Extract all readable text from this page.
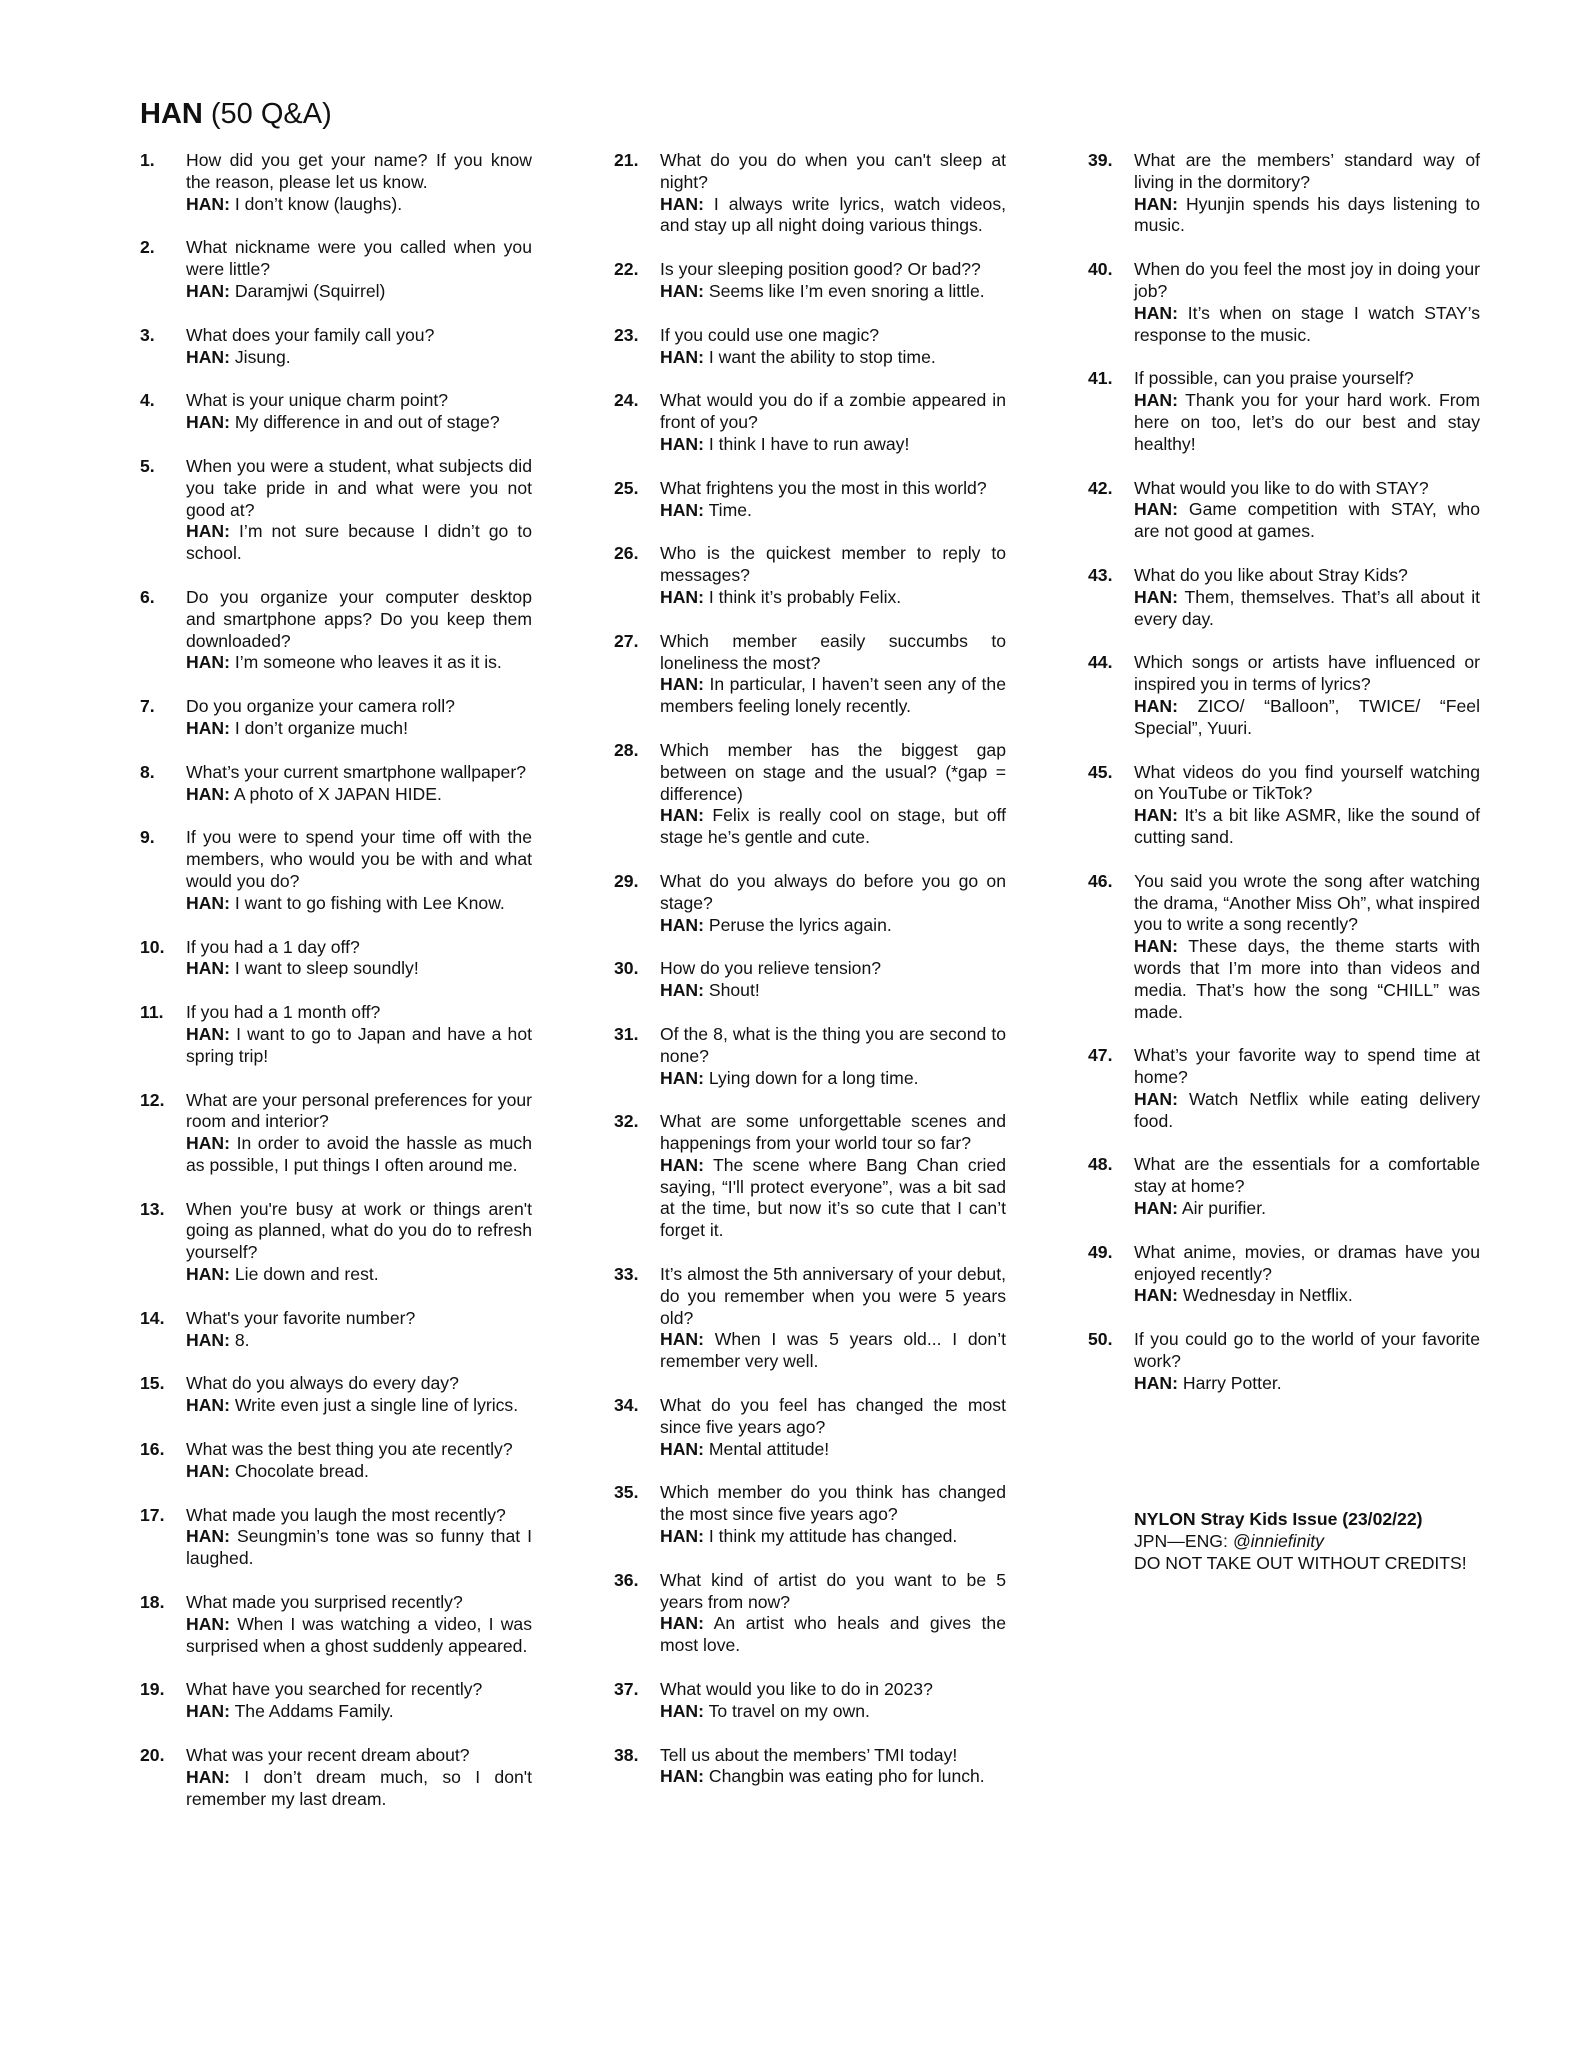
HAN (50 Q&A)
1. How did you get your name? If you know the reason, please let us know.
HAN: I don’t know (laughs).
2. What nickname were you called when you were little?
HAN: Daramjwi (Squirrel)
3. What does your family call you?
HAN: Jisung.
4. What is your unique charm point?
HAN: My difference in and out of stage?
5. When you were a student, what subjects did you take pride in and what were you not good at?
HAN: I’m not sure because I didn’t go to school.
6. Do you organize your computer desktop and smartphone apps? Do you keep them downloaded?
HAN: I’m someone who leaves it as it is.
7. Do you organize your camera roll?
HAN: I don’t organize much!
8. What’s your current smartphone wallpaper?
HAN: A photo of X JAPAN HIDE.
9. If you were to spend your time off with the members, who would you be with and what would you do?
HAN: I want to go fishing with Lee Know.
10. If you had a 1 day off?
HAN: I want to sleep soundly!
11. If you had a 1 month off?
HAN: I want to go to Japan and have a hot spring trip!
12. What are your personal preferences for your room and interior?
HAN: In order to avoid the hassle as much as possible, I put things I often around me.
13. When you're busy at work or things aren't going as planned, what do you do to refresh yourself?
HAN: Lie down and rest.
14. What's your favorite number?
HAN: 8.
15. What do you always do every day?
HAN: Write even just a single line of lyrics.
16. What was the best thing you ate recently?
HAN: Chocolate bread.
17. What made you laugh the most recently?
HAN: Seungmin’s tone was so funny that I laughed.
18. What made you surprised recently?
HAN: When I was watching a video, I was surprised when a ghost suddenly appeared.
19. What have you searched for recently?
HAN: The Addams Family.
20. What was your recent dream about?
HAN: I don’t dream much, so I don't remember my last dream.
21. What do you do when you can't sleep at night?
HAN: I always write lyrics, watch videos, and stay up all night doing various things.
22. Is your sleeping position good? Or bad??
HAN: Seems like I’m even snoring a little.
23. If you could use one magic?
HAN: I want the ability to stop time.
24. What would you do if a zombie appeared in front of you?
HAN: I think I have to run away!
25. What frightens you the most in this world?
HAN: Time.
26. Who is the quickest member to reply to messages?
HAN: I think it’s probably Felix.
27. Which member easily succumbs to loneliness the most?
HAN: In particular, I haven’t seen any of the members feeling lonely recently.
28. Which member has the biggest gap between on stage and the usual? (*gap = difference)
HAN: Felix is really cool on stage, but off stage he’s gentle and cute.
29. What do you always do before you go on stage?
HAN: Peruse the lyrics again.
30. How do you relieve tension?
HAN: Shout!
31. Of the 8, what is the thing you are second to none?
HAN: Lying down for a long time.
32. What are some unforgettable scenes and happenings from your world tour so far?
HAN: The scene where Bang Chan cried saying, “I'll protect everyone”, was a bit sad at the time, but now it’s so cute that I can’t forget it.
33. It’s almost the 5th anniversary of your debut, do you remember when you were 5 years old?
HAN: When I was 5 years old... I don’t remember very well.
34. What do you feel has changed the most since five years ago?
HAN: Mental attitude!
35. Which member do you think has changed the most since five years ago?
HAN: I think my attitude has changed.
36. What kind of artist do you want to be 5 years from now?
HAN: An artist who heals and gives the most love.
37. What would you like to do in 2023?
HAN: To travel on my own.
38. Tell us about the members’ TMI today!
HAN: Changbin was eating pho for lunch.
39. What are the members’ standard way of living in the dormitory?
HAN: Hyunjin spends his days listening to music.
40. When do you feel the most joy in doing your job?
HAN: It’s when on stage I watch STAY’s response to the music.
41. If possible, can you praise yourself?
HAN: Thank you for your hard work. From here on too, let’s do our best and stay healthy!
42. What would you like to do with STAY?
HAN: Game competition with STAY, who are not good at games.
43. What do you like about Stray Kids?
HAN: Them, themselves. That’s all about it every day.
44. Which songs or artists have influenced or inspired you in terms of lyrics?
HAN: ZICO/ “Balloon”, TWICE/ “Feel Special”, Yuuri.
45. What videos do you find yourself watching on YouTube or TikTok?
HAN: It’s a bit like ASMR, like the sound of cutting sand.
46. You said you wrote the song after watching the drama, “Another Miss Oh”, what inspired you to write a song recently?
HAN: These days, the theme starts with words that I’m more into than videos and media. That’s how the song “CHILL” was made.
47. What’s your favorite way to spend time at home?
HAN: Watch Netflix while eating delivery food.
48. What are the essentials for a comfortable stay at home?
HAN: Air purifier.
49. What anime, movies, or dramas have you enjoyed recently?
HAN: Wednesday in Netflix.
50. If you could go to the world of your favorite work?
HAN: Harry Potter.
NYLON Stray Kids Issue (23/02/22)
JPN—ENG: @inniefinity
DO NOT TAKE OUT WITHOUT CREDITS!
